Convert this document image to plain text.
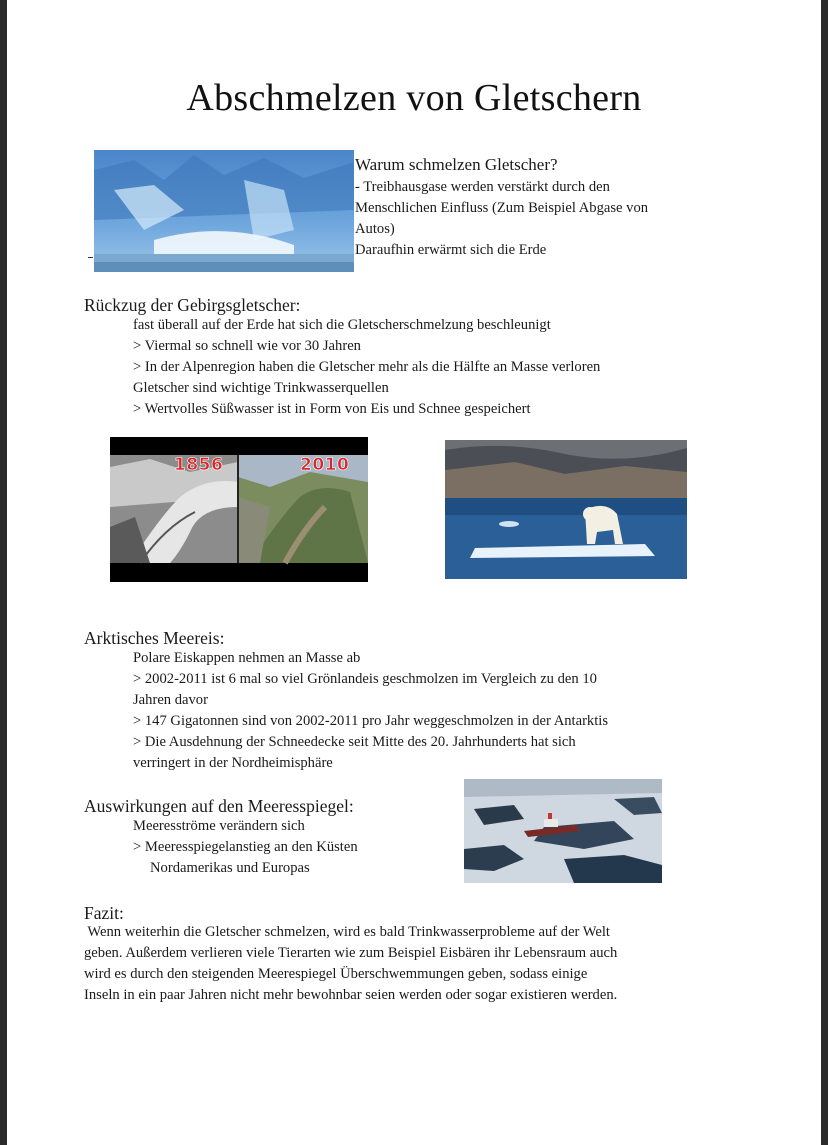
Abschmelzen von Gletschern
Warum schmelzen Gletscher?
- Treibhausgase werden verstärkt durch den
Menschlichen Einfluss (Zum Beispiel Abgase von
Autos)
Daraufhin erwärmt sich die Erde
Rückzug der Gebirgsgletscher:
fast überall auf der Erde hat sich die Gletscherschmelzung beschleunigt
> Viermal so schnell wie vor 30 Jahren
> In der Alpenregion haben die Gletscher mehr als die Hälfte an Masse verloren
Gletscher sind wichtige Trinkwasserquellen
> Wertvolles Süßwasser ist in Form von Eis und Schnee gespeichert
1856	2010
Arktisches Meereis:
Polare Eiskappen nehmen an Masse ab
> 2002-2011 ist 6 mal so viel Grönlandeis geschmolzen im Vergleich zu den 10
Jahren davor
> 147 Gigatonnen sind von 2002-2011 pro Jahr weggeschmolzen in der Antarktis
> Die Ausdehnung der Schneedecke seit Mitte des 20. Jahrhunderts hat sich
verringert in der Nordheimisphäre
Auswirkungen auf den Meeresspiegel:
Meeresströme verändern sich
> Meeresspiegelanstieg an den Küsten
Nordamerikas und Europas
Fazit:
Wenn weiterhin die Gletscher schmelzen, wird es bald Trinkwasserprobleme auf der Welt
geben. Außerdem verlieren viele Tierarten wie zum Beispiel Eisbären ihr Lebensraum auch
wird es durch den steigenden Meerespiegel Überschwemmungen geben, sodass einige
Inseln in ein paar Jahren nicht mehr bewohnbar seien werden oder sogar existieren werden.
